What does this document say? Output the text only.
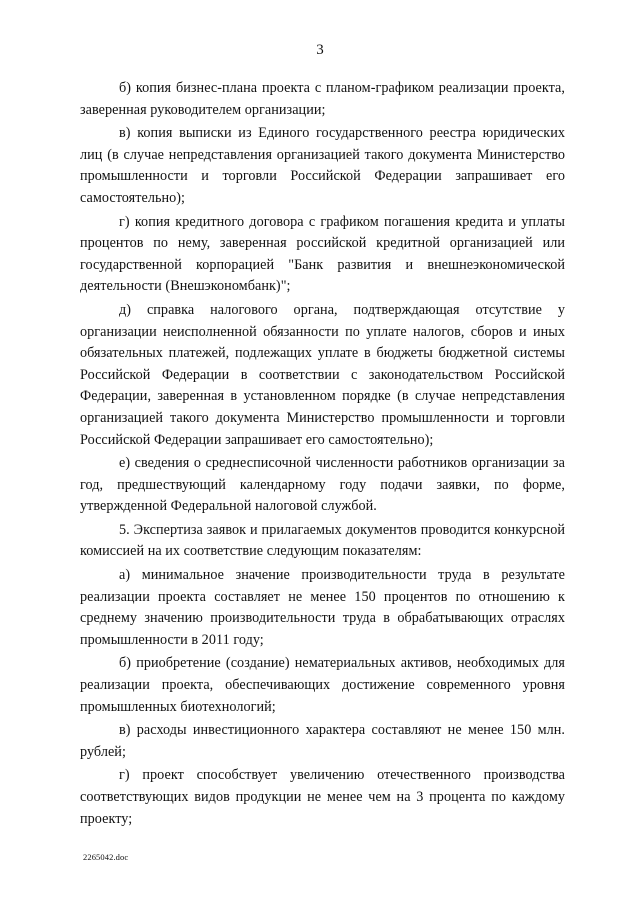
3

б) копия бизнес-плана проекта с планом-графиком реализации проекта, заверенная руководителем организации;

в) копия выписки из Единого государственного реестра юридических лиц (в случае непредставления организацией такого документа Министерство промышленности и торговли Российской Федерации запрашивает его самостоятельно);

г) копия кредитного договора с графиком погашения кредита и уплаты процентов по нему, заверенная российской кредитной организацией или государственной корпорацией "Банк развития и внешнеэкономической деятельности (Внешэкономбанк)";

д) справка налогового органа, подтверждающая отсутствие у организации неисполненной обязанности по уплате налогов, сборов и иных обязательных платежей, подлежащих уплате в бюджеты бюджетной системы Российской Федерации в соответствии с законодательством Российской Федерации, заверенная в установленном порядке (в случае непредставления организацией такого документа Министерство промышленности и торговли Российской Федерации запрашивает его самостоятельно);

е) сведения о среднесписочной численности работников организации за год, предшествующий календарному году подачи заявки, по форме, утвержденной Федеральной налоговой службой.

5. Экспертиза заявок и прилагаемых документов проводится конкурсной комиссией на их соответствие следующим показателям:

а) минимальное значение производительности труда в результате реализации проекта составляет не менее 150 процентов по отношению к среднему значению производительности труда в обрабатывающих отраслях промышленности в 2011 году;

б) приобретение (создание) нематериальных активов, необходимых для реализации проекта, обеспечивающих достижение современного уровня промышленных биотехнологий;

в) расходы инвестиционного характера составляют не менее 150 млн. рублей;

г) проект способствует увеличению отечественного производства соответствующих видов продукции не менее чем на 3 процента по каждому проекту;

2265042.doc
